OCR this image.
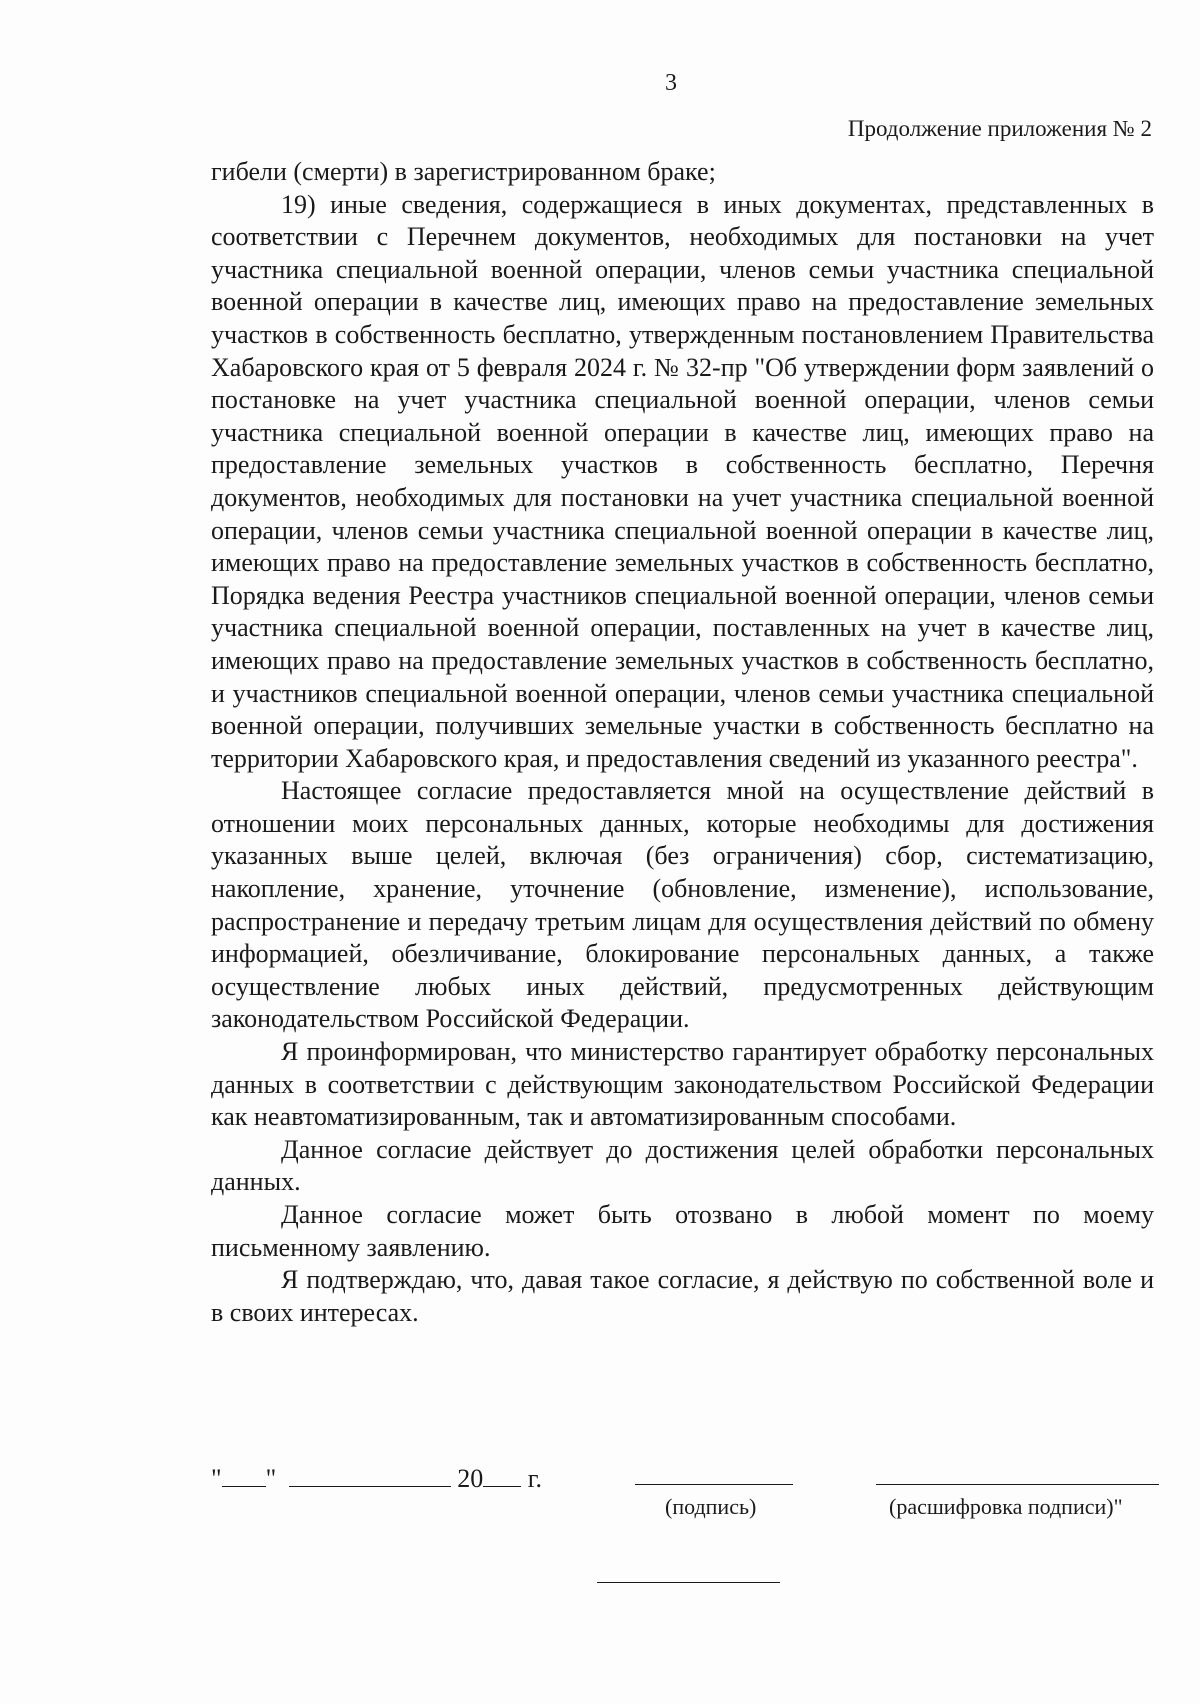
3
Продолжение приложения № 2

гибели (смерти) в зарегистрированном браке;

19) иные сведения, содержащиеся в иных документах, представленных в соответствии с Перечнем документов, необходимых для постановки на учет участника специальной военной операции, членов семьи участника специальной военной операции в качестве лиц, имеющих право на предоставление земельных участков в собственность бесплатно, утвержденным постановлением Правительства Хабаровского края от 5 февраля 2024 г. № 32-пр "Об утверждении форм заявлений о постановке на учет участника специальной военной операции, членов семьи участника специальной военной операции в качестве лиц, имеющих право на предоставление земельных участков в собственность бесплатно, Перечня документов, необходимых для постановки на учет участника специальной военной операции, членов семьи участника специальной военной операции в качестве лиц, имеющих право на предоставление земельных участков в собственность бесплатно, Порядка ведения Реестра участников специальной военной операции, членов семьи участника специальной военной операции, поставленных на учет в качестве лиц, имеющих право на предоставление земельных участков в собственность бесплатно, и участников специальной военной операции, членов семьи участника специальной военной операции, получивших земельные участки в собственность бесплатно на территории Хабаровского края, и предоставления сведений из указанного реестра".

Настоящее согласие предоставляется мной на осуществление действий в отношении моих персональных данных, которые необходимы для достижения указанных выше целей, включая (без ограничения) сбор, систематизацию, накопление, хранение, уточнение (обновление, изменение), использование, распространение и передачу третьим лицам для осуществления действий по обмену информацией, обезличивание, блокирование персональных данных, а также осуществление любых иных действий, предусмотренных действующим законодательством Российской Федерации.

Я проинформирован, что министерство гарантирует обработку персональных данных в соответствии с действующим законодательством Российской Федерации как неавтоматизированным, так и автоматизированным способами.

Данное согласие действует до достижения целей обработки персональных данных.

Данное согласие может быть отозвано в любой момент по моему письменному заявлению.

Я подтверждаю, что, давая такое согласие, я действую по собственной воле и в своих интересах.

" "	20 г.
(подпись)	(расшифровка подписи)"
